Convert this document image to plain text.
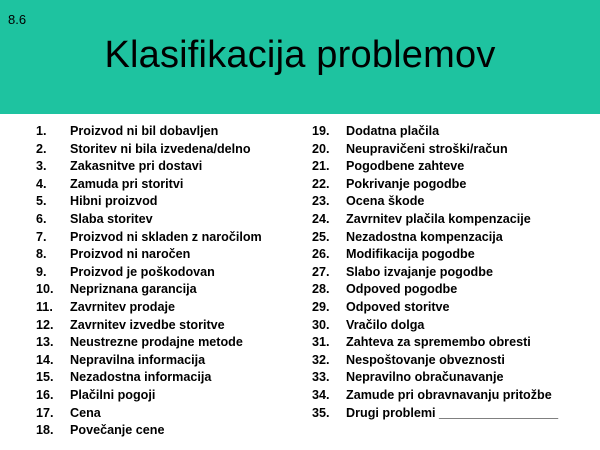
8.6
Klasifikacija problemov
1.	Proizvod ni bil dobavljen
2.	Storitev ni bila izvedena/delno
3.	Zakasnitve pri dostavi
4.	Zamuda pri storitvi
5.	Hibni proizvod
6.	Slaba storitev
7.	Proizvod ni skladen z naročilom
8.	Proizvod ni naročen
9.	Proizvod je poškodovan
10.	Nepriznana garancija
11.	Zavrnitev prodaje
12.	Zavrnitev izvedbe storitve
13.	Neustrezne prodajne metode
14.	Nepravilna informacija
15.	Nezadostna informacija
16.	Plačilni pogoji
17.	Cena
18.	Povečanje cene
19.	Dodatna plačila
20.	Neupravičeni stroški/račun
21.	Pogodbene zahteve
22.	Pokrivanje pogodbe
23.	Ocena škode
24.	Zavrnitev plačila kompenzacije
25.	Nezadostna kompenzacija
26.	Modifikacija pogodbe
27.	Slabo izvajanje pogodbe
28.	Odpoved pogodbe
29.	Odpoved storitve
30.	Vračilo dolga
31.	Zahteva za spremembo obresti
32.	Nespoštovanje obveznosti
33.	Nepravilno obračunavanje
34.	Zamude pri obravnavanju pritožbe
35.	Drugi problemi _________________
